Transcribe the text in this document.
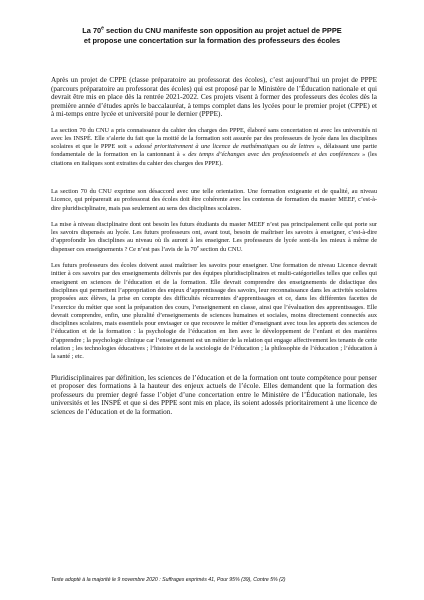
La 70e section du CNU manifeste son opposition au projet actuel de PPPE
et propose une concertation sur la formation des professeurs des écoles

Après un projet de CPPE (classe préparatoire au professorat des écoles), c’est aujourd’hui un projet de PPPE (parcours préparatoire au professorat des écoles) qui est proposé par le Ministère de l’Éducation nationale et qui devrait être mis en place dès la rentrée 2021-2022. Ces projets visent à former des professeurs des écoles dès la première année d’études après le baccalauréat, à temps complet dans les lycées pour le premier projet (CPPE) et à mi-temps entre lycée et université pour le dernier (PPPE).

La section 70 du CNU a pris connaissance du cahier des charges des PPPE, élaboré sans concertation ni avec les universités ni avec les INSPÉ. Elle s’alerte du fait que la moitié de la formation soit assurée par des professeurs de lycée dans les disciplines scolaires et que le PPPE soit « adossé prioritairement à une licence de mathématiques ou de lettres », délaissant une partie fondamentale de la formation en la cantonnant à « des temps d’échanges avec des professionnels et des conférences » (les citations en italiques sont extraites du cahier des charges des PPPE).

La section 70 du CNU exprime son désaccord avec une telle orientation. Une formation exigeante et de qualité, au niveau Licence, qui préparerait au professorat des écoles doit être cohérente avec les contenus de formation du master MEEF, c’est-à-dire pluridisciplinaire, mais pas seulement au sens des disciplines scolaires.

La mise à niveau disciplinaire dont ont besoin les futurs étudiants du master MEEF n’est pas principalement celle qui porte sur les savoirs dispensés au lycée. Les futurs professeurs ont, avant tout, besoin de maîtriser les savoirs à enseigner, c’est-à-dire d’approfondir les disciplines au niveau où ils auront à les enseigner. Les professeurs de lycée sont-ils les mieux à même de dispenser ces enseignements ? Ce n’est pas l’avis de la 70e section du CNU.

Les futurs professeurs des écoles doivent aussi maîtriser les savoirs pour enseigner. Une formation de niveau Licence devrait initier à ces savoirs par des enseignements délivrés par des équipes pluridisciplinaires et multi-catégorielles telles que celles qui enseignent en sciences de l’éducation et de la formation. Elle devrait comprendre des enseignements de didactique des disciplines qui permettent l’appropriation des enjeux d’apprentissage des savoirs, leur reconnaissance dans les activités scolaires proposées aux élèves, la prise en compte des difficultés récurrentes d’apprentissages et ce, dans les différentes facettes de l’exercice du métier que sont la préparation des cours, l’enseignement en classe, ainsi que l’évaluation des apprentissages. Elle devrait comprendre, enfin, une pluralité d’enseignements de sciences humaines et sociales, moins directement connectés aux disciplines scolaires, mais essentiels pour envisager ce que recouvre le métier d’enseignant avec tous les apports des sciences de l’éducation et de la formation : la psychologie de l’éducation en lien avec le développement de l’enfant et des manières d’apprendre ; la psychologie clinique car l’enseignement est un métier de la relation qui engage affectivement les tenants de cette relation ; les technologies éducatives ; l’histoire et de la sociologie de l’éducation ; la philosophie de l’éducation ; l’éducation à la santé ; etc.

Pluridisciplinaires par définition, les sciences de l’éducation et de la formation ont toute compétence pour penser et proposer des formations à la hauteur des enjeux actuels de l’école. Elles demandent que la formation des professeurs du premier degré fasse l’objet d’une concertation entre le Ministère de l’Éducation nationale, les universités et les INSPÉ et que si des PPPE sont mis en place, ils soient adossés prioritairement à une licence de sciences de l’éducation et de la formation.

Texte adopté à la majorité le 9 novembre 2020 : Suffrages exprimés 41, Pour 95% (39), Contre 5% (2)
